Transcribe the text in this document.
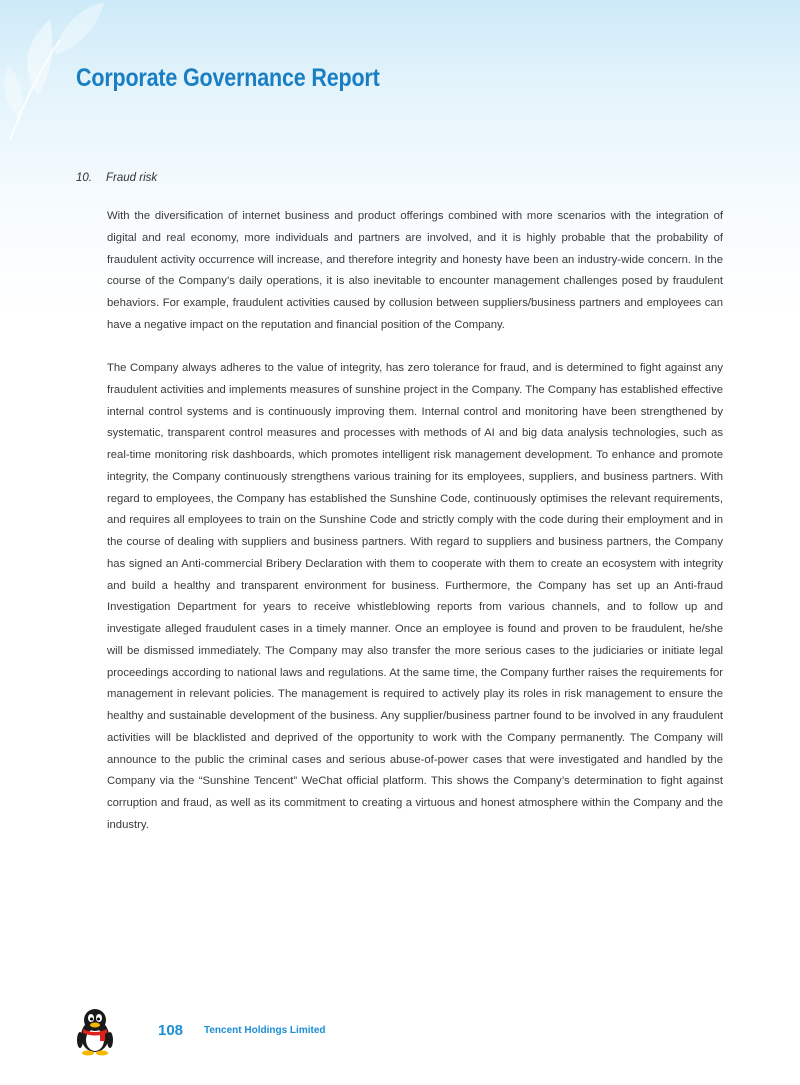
Corporate Governance Report
10. Fraud risk

With the diversification of internet business and product offerings combined with more scenarios with the integration of digital and real economy, more individuals and partners are involved, and it is highly probable that the probability of fraudulent activity occurrence will increase, and therefore integrity and honesty have been an industry-wide concern. In the course of the Company’s daily operations, it is also inevitable to encounter management challenges posed by fraudulent behaviors. For example, fraudulent activities caused by collusion between suppliers/business partners and employees can have a negative impact on the reputation and financial position of the Company.

The Company always adheres to the value of integrity, has zero tolerance for fraud, and is determined to fight against any fraudulent activities and implements measures of sunshine project in the Company. The Company has established effective internal control systems and is continuously improving them. Internal control and monitoring have been strengthened by systematic, transparent control measures and processes with methods of AI and big data analysis technologies, such as real-time monitoring risk dashboards, which promotes intelligent risk management development. To enhance and promote integrity, the Company continuously strengthens various training for its employees, suppliers, and business partners. With regard to employees, the Company has established the Sunshine Code, continuously optimises the relevant requirements, and requires all employees to train on the Sunshine Code and strictly comply with the code during their employment and in the course of dealing with suppliers and business partners. With regard to suppliers and business partners, the Company has signed an Anti-commercial Bribery Declaration with them to cooperate with them to create an ecosystem with integrity and build a healthy and transparent environment for business. Furthermore, the Company has set up an Anti-fraud Investigation Department for years to receive whistleblowing reports from various channels, and to follow up and investigate alleged fraudulent cases in a timely manner. Once an employee is found and proven to be fraudulent, he/she will be dismissed immediately. The Company may also transfer the more serious cases to the judiciaries or initiate legal proceedings according to national laws and regulations. At the same time, the Company further raises the requirements for management in relevant policies. The management is required to actively play its roles in risk management to ensure the healthy and sustainable development of the business. Any supplier/business partner found to be involved in any fraudulent activities will be blacklisted and deprived of the opportunity to work with the Company permanently. The Company will announce to the public the criminal cases and serious abuse-of-power cases that were investigated and handled by the Company via the “Sunshine Tencent” WeChat official platform. This shows the Company’s determination to fight against corruption and fraud, as well as its commitment to creating a virtuous and honest atmosphere within the Company and the industry.

108 Tencent Holdings Limited
